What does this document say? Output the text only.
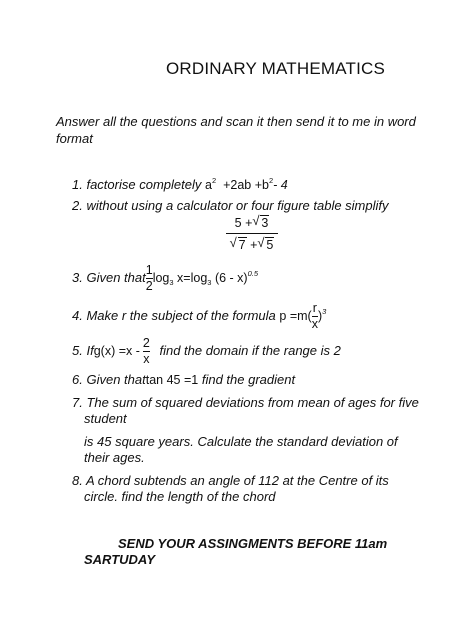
ORDINARY MATHEMATICS
Answer all the questions and scan it then send it to me in word
format
1. factorise completely $a^2 +2ab +b^2-$ 4
2. without using a calculator or four figure table simplify
5 + √ 3
√ 7 + √ 5
3. Given that $\frac{1}{2} \log_3 x=\log_3$ (6 - x)$^{0.5}$
4. Make r the subject of the formula $p =m( \frac{r}{x} )^3$
5. $Ifg(x) =x - \frac{2}{x}$ find the domain if the range is 2
6. Given thattan 45 =1 find the gradient
7. The sum of squared deviations from mean of ages for five
student
is 45 square years. Calculate the standard deviation of
their ages.
8. A chord subtends an angle of 112 at the Centre of its
circle. find the length of the chord
SEND YOUR ASSINGMENTS BEFORE 11am
SARTUDAY
